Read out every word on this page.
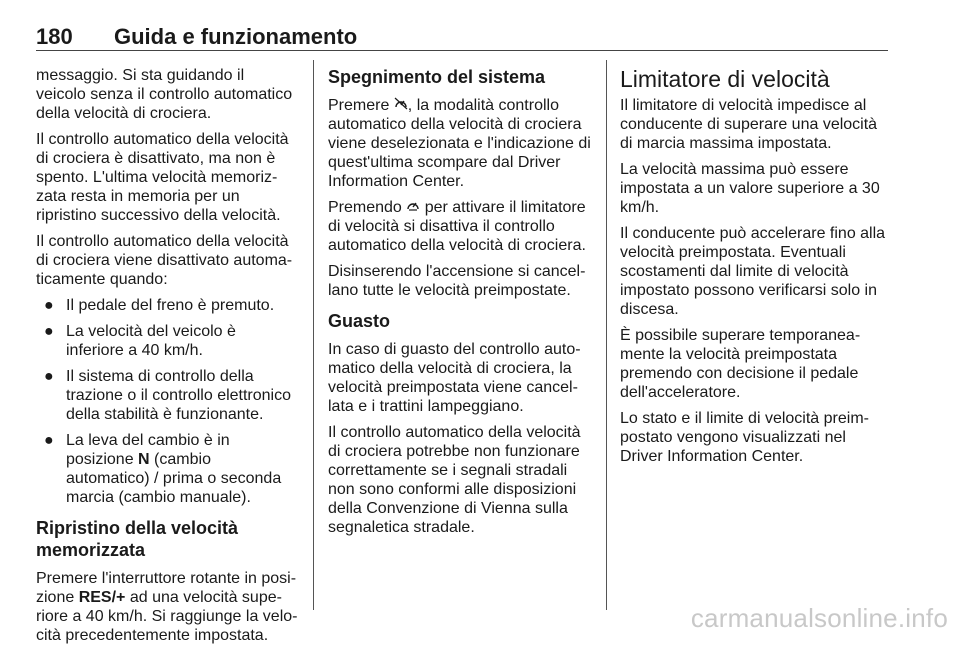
180 Guida e funzionamento

messaggio. Si sta guidando il veicolo senza il controllo automatico della velocità di crociera.

Il controllo automatico della velocità di crociera è disattivato, ma non è spento. L'ultima velocità memorizzata resta in memoria per un ripristino successivo della velocità.

Il controllo automatico della velocità di crociera viene disattivato automaticamente quando:

● Il pedale del freno è premuto.
● La velocità del veicolo è inferiore a 40 km/h.
● Il sistema di controllo della trazione o il controllo elettronico della stabilità è funzionante.
● La leva del cambio è in posizione N (cambio automatico) / prima o seconda marcia (cambio manuale).
Ripristino della velocità memorizzata

Premere l'interruttore rotante in posizione RES/+ ad una velocità superiore a 40 km/h. Si raggiunge la velocità precedentemente impostata.

Spegnimento del sistema

Premere , la modalità controllo automatico della velocità di crociera viene deselezionata e l'indicazione di quest'ultima scompare dal Driver Information Center.

Premendo  per attivare il limitatore di velocità si disattiva il controllo automatico della velocità di crociera.

Disinserendo l'accensione si cancellano tutte le velocità preimpostate.

Guasto

In caso di guasto del controllo automatico della velocità di crociera, la velocità preimpostata viene cancellata e i trattini lampeggiano.

Il controllo automatico della velocità di crociera potrebbe non funzionare correttamente se i segnali stradali non sono conformi alle disposizioni della Convenzione di Vienna sulla segnaletica stradale.

Limitatore di velocità

Il limitatore di velocità impedisce al conducente di superare una velocità di marcia massima impostata.

La velocità massima può essere impostata a un valore superiore a 30 km/h.

Il conducente può accelerare fino alla velocità preimpostata. Eventuali scostamenti dal limite di velocità impostato possono verificarsi solo in discesa.

È possibile superare temporaneamente la velocità preimpostata premendo con decisione il pedale dell'acceleratore.

Lo stato e il limite di velocità preimpostato vengono visualizzati nel Driver Information Center.

carmanualsonline.info
